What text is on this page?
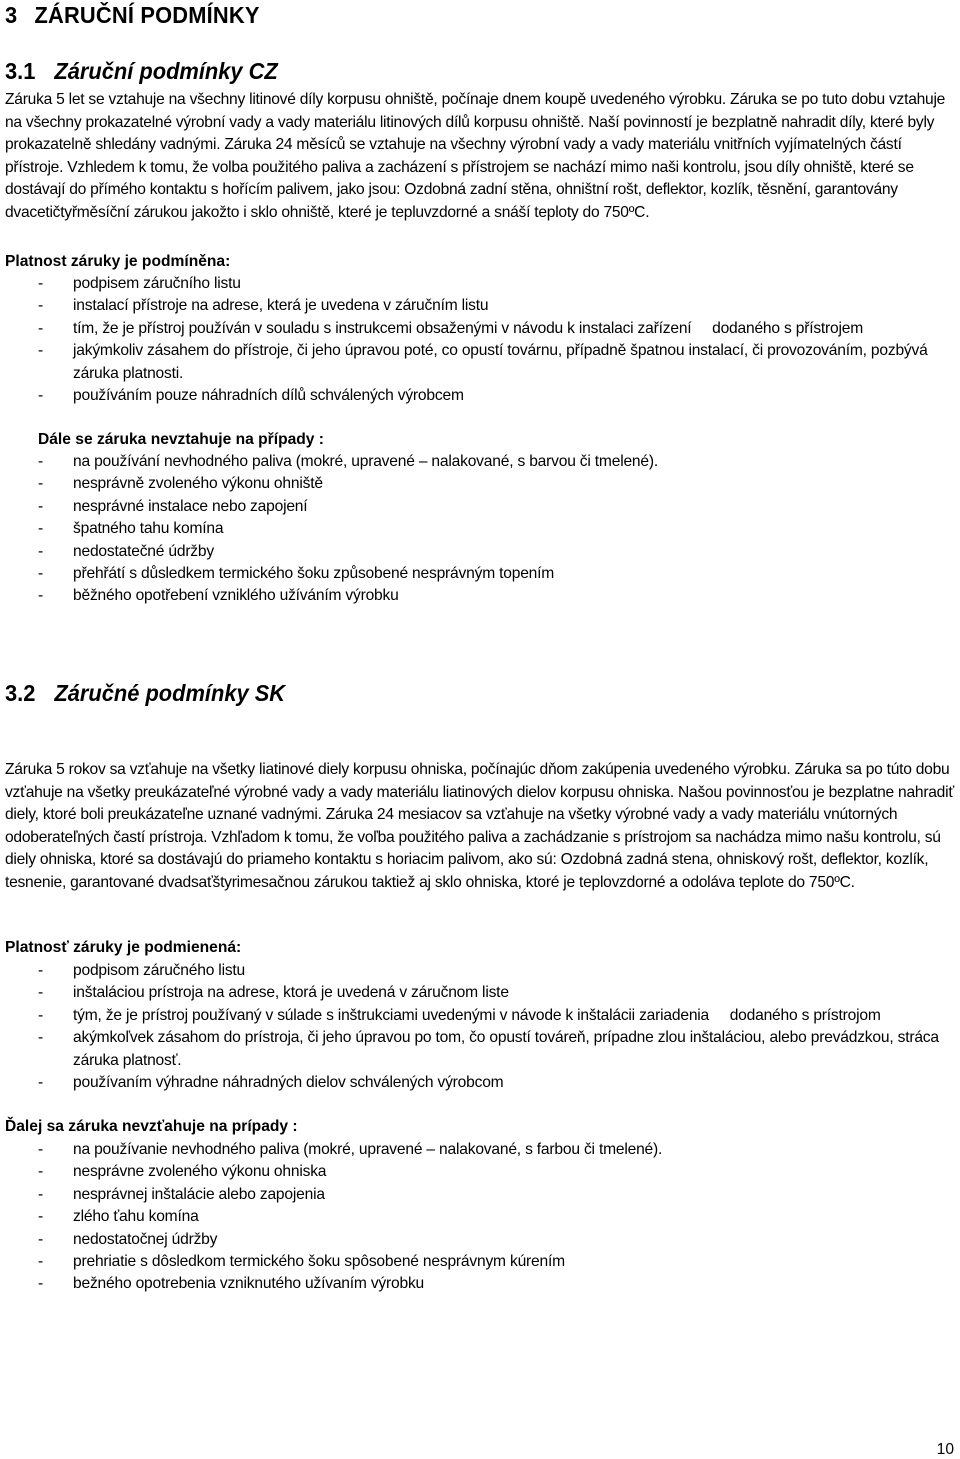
3 ZÁRUČNÍ PODMÍNKY
3.1 Záruční podmínky CZ

Záruka 5 let se vztahuje na všechny litinové díly korpusu ohniště, počínaje dnem koupě uvedeného výrobku. Záruka se po tuto dobu vztahuje na všechny prokazatelné výrobní vady a vady materiálu litinových dílů korpusu ohniště. Naší povinností je bezplatně nahradit díly, které byly prokazatelně shledány vadnými. Záruka 24 měsíců se vztahuje na všechny výrobní vady a vady materiálu vnitřních vyjímatelných částí přístroje. Vzhledem k tomu, že volba použitého paliva a zacházení s přístrojem se nachází mimo naši kontrolu, jsou díly ohniště, které se dostávají do přímého kontaktu s hořícím palivem, jako jsou: Ozdobná zadní stěna, ohništní rošt, deflektor, kozlík, těsnění, garantovány dvacetičtyřměsíční zárukou jakožto i sklo ohniště, které je tepluvzdorné a snáší teploty do 750ºC.

Platnost záruky je podmíněna:
- podpisem záručního listu
- instalací přístroje na adrese, která je uvedena v záručním listu
- tím, že je přístroj používán v souladu s instrukcemi obsaženými v návodu k instalaci zařízení     dodaného s přístrojem
- jakýmkoliv zásahem do přístroje, či jeho úpravou poté, co opustí továrnu, případně špatnou instalací, či provozováním, pozbývá záruka platnosti.
- používáním pouze náhradních dílů schválených výrobcem
Dále se záruka nevztahuje na případy :
- na používání nevhodného paliva (mokré, upravené – nalakované, s barvou či tmelené).
- nesprávně zvoleného výkonu ohniště
- nesprávné instalace nebo zapojení
- špatného tahu komína
- nedostatečné údržby
- přehřátí s důsledkem termického šoku způsobené nesprávným topením
- běžného opotřebení vzniklého užíváním výrobku
3.2 Záručné podmínky SK

Záruka 5 rokov sa vzťahuje na všetky liatinové diely korpusu ohniska, počínajúc dňom zakúpenia uvedeného výrobku. Záruka sa po túto dobu vzťahuje na všetky preukázateľné výrobné vady a vady materiálu liatinových dielov korpusu ohniska. Našou povinnosťou je bezplatne nahradiť diely, ktoré boli preukázateľne uznané vadnými. Záruka 24 mesiacov sa vzťahuje na všetky výrobné vady a vady materiálu vnútorných odoberateľných častí prístroja. Vzhľadom k tomu, že voľba použitého paliva a zachádzanie s prístrojom sa nachádza mimo našu kontrolu, sú diely ohniska, ktoré sa dostávajú do priameho kontaktu s horiacim palivom, ako sú: Ozdobná zadná stena, ohniskový rošt, deflektor, kozlík, tesnenie, garantované dvadsaťštyrimesačnou zárukou taktiež aj sklo ohniska, ktoré je teplovzdorné a odoláva teplote do 750ºC.

Platnosť záruky je podmienená:
- podpisom záručného listu
- inštaláciou prístroja na adrese, ktorá je uvedená v záručnom liste
- tým, že je prístroj používaný v súlade s inštrukciami uvedenými v návode k inštalácii zariadenia     dodaného s prístrojom
- akýmkoľvek zásahom do prístroja, či jeho úpravou po tom, čo opustí továreň, prípadne zlou inštaláciou, alebo prevádzkou, stráca záruka platnosť.
- používaním výhradne náhradných dielov schválených výrobcom
Ďalej sa záruka nevzťahuje na prípady :
- na používanie nevhodného paliva (mokré, upravené – nalakované, s farbou či tmelené).
- nesprávne zvoleného výkonu ohniska
- nesprávnej inštalácie alebo zapojenia
- zlého ťahu komína
- nedostatočnej údržby
- prehriatie s dôsledkom termického šoku spôsobené nesprávnym kúrením
- bežného opotrebenia vzniknutého užívaním výrobku
10
